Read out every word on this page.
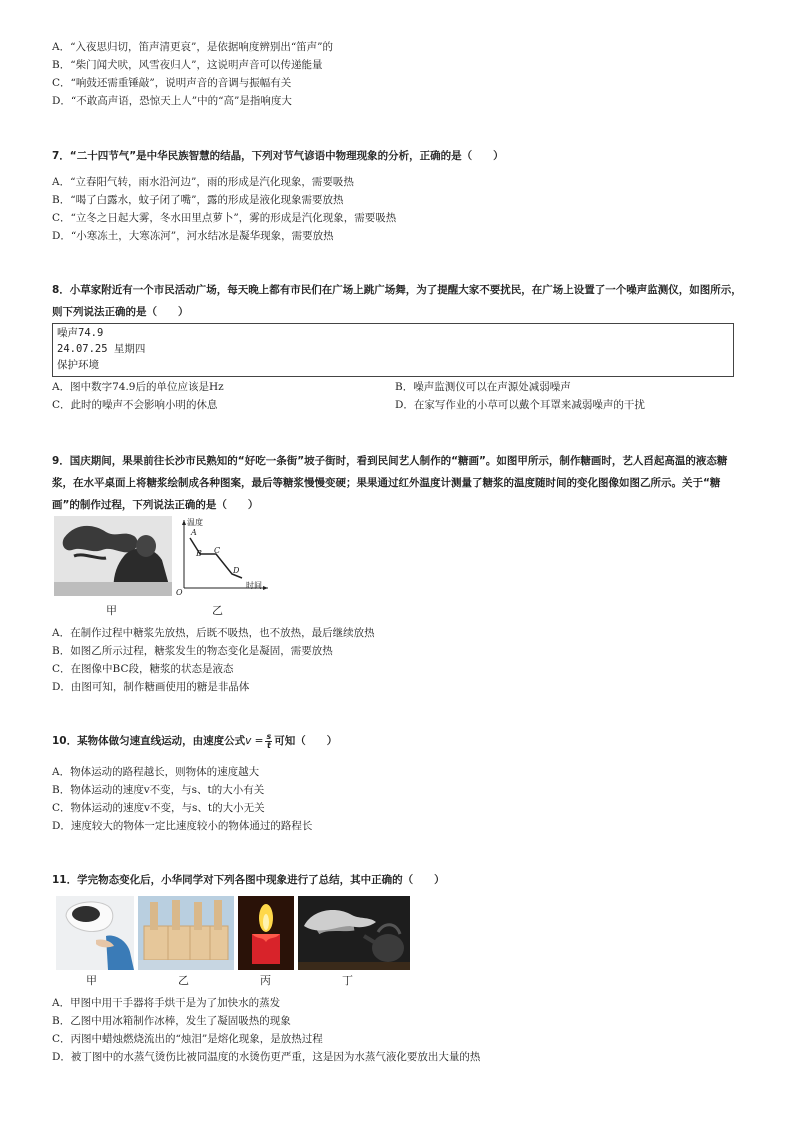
A．“入夜思归切，笛声清更哀”，是依据响度辨别出“笛声”的
B．“柴门闻犬吠，风雪夜归人”，这说明声音可以传递能量
C．“响鼓还需重锤敲”，说明声音的音调与振幅有关
D．“不敢高声语，恐惊天上人”中的“高”是指响度大
7．“二十四节气”是中华民族智慧的结晶，下列对节气谚语中物理现象的分析，正确的是（　　）
A．“立春阳气转，雨水沿河边”，雨的形成是汽化现象，需要吸热
B．“喝了白露水，蚊子闭了嘴”，露的形成是液化现象需要放热
C．“立冬之日起大雾，冬水田里点萝卜”，雾的形成是汽化现象，需要吸热
D．“小寒冻土，大寒冻河”，河水结冰是凝华现象，需要放热
8．小草家附近有一个市民活动广场，每天晚上都有市民们在广场上跳广场舞，为了提醒大家不要扰民，在广场上设置了一个噪声监测仪，如图所示，则下列说法正确的是（　　）
噪声74.9
24.07.25 星期四
保护环境
A．图中数字74.9后的单位应该是Hz	B．噪声监测仪可以在声源处减弱噪声
C．此时的噪声不会影响小明的休息	D．在家写作业的小草可以戴个耳罩来减弱噪声的干扰
9．国庆期间，果果前往长沙市民熟知的“好吃一条街”坡子街时，看到民间艺人制作的“糖画”。如图甲所示，制作糖画时，艺人舀起高温的液态糖浆，在水平桌面上将糖浆绘制成各种图案，最后等糖浆慢慢变硬；果果通过红外温度计测量了糖浆的温度随时间的变化图像如图乙所示。关于“糖画”的制作过程，下列说法正确的是（　　）
甲
温度
时间
O
A
B C
D
乙
A．在制作过程中糖浆先放热，后既不吸热，也不放热，最后继续放热
B．如图乙所示过程，糖浆发生的物态变化是凝固，需要放热
C．在图像中BC段，糖浆的状态是液态
D．由图可知，制作糖画使用的糖是非晶体
10．某物体做匀速直线运动，由速度公式$v = \frac{s}{t}$ 可知（　　）
A．物体运动的路程越长，则物体的速度越大
B．物体运动的速度v不变，与s、t的大小有关
C．物体运动的速度v不变，与s、t的大小无关
D．速度较大的物体一定比速度较小的物体通过的路程长
11．学完物态变化后，小华同学对下列各图中现象进行了总结，其中正确的（　　）
甲	乙	丙	丁
A．甲图中用干手器将手烘干是为了加快水的蒸发
B．乙图中用冰箱制作冰棒，发生了凝固吸热的现象
C．丙图中蜡烛燃烧流出的“烛泪”是熔化现象，是放热过程
D．被丁图中的水蒸气烫伤比被同温度的水烫伤更严重，这是因为水蒸气液化要放出大量的热
